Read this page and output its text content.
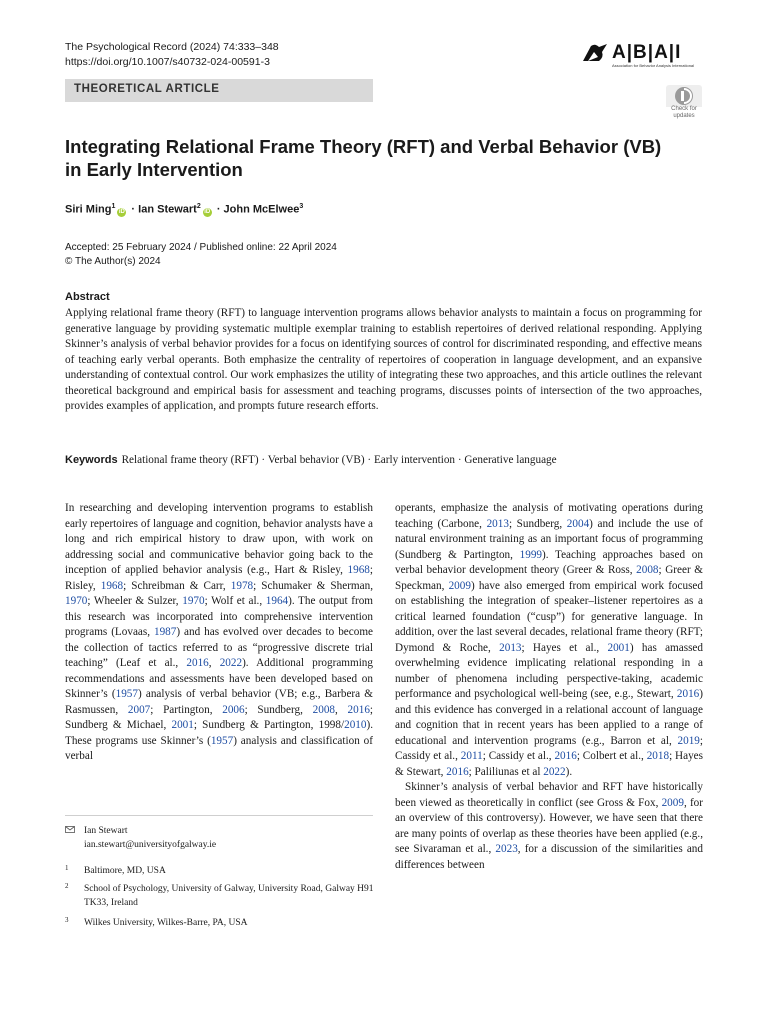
The Psychological Record (2024) 74:333–348
https://doi.org/10.1007/s40732-024-00591-3	A|B|A|I
Association for Behavior Analysis International
THEORETICAL ARTICLE
Check for
updates
Integrating Relational Frame Theory (RFT) and Verbal Behavior (VB)
in Early Intervention
Siri Ming$^1$iD · Ian Stewart$^2$iD · John McElwee$^3$
Accepted: 25 February 2024 / Published online: 22 April 2024
© The Author(s) 2024
Abstract

Applying relational frame theory (RFT) to language intervention programs allows behavior analysts to maintain a focus on programming for generative language by providing systematic multiple exemplar training to establish repertoires of derived relational responding. Applying Skinner’s analysis of verbal behavior provides for a focus on identifying sources of control for discriminated responding, and effective means of teaching early verbal operants. Both emphasize the centrality of repertoires of cooperation in language development, and an expansive understanding of contextual control. Our work emphasizes the utility of integrating these two approaches, and this article outlines the relevant theoretical background and empirical basis for assessment and teaching programs, discusses points of intersection of the two approaches, provides examples of application, and prompts future research efforts.

Keywords Relational frame theory (RFT) · Verbal behavior (VB) · Early intervention · Generative language

In researching and developing intervention programs to establish early repertoires of language and cognition, behavior analysts have a long and rich empirical history to draw upon, with work on addressing social and communicative behavior going back to the inception of applied behavior analysis (e.g., Hart & Risley, 1968; Risley, 1968; Schreibman & Carr, 1978; Schumaker & Sherman, 1970; Wheeler & Sulzer, 1970; Wolf et al., 1964). The output from this research was incorporated into comprehensive intervention programs (Lovaas, 1987) and has evolved over decades to become the collection of tactics referred to as “progressive discrete trial teaching” (Leaf et al., 2016, 2022). Additional programming recommendations and assessments have been developed based on Skinner’s (1957) analysis of verbal behavior (VB; e.g., Barbera & Rasmussen, 2007; Partington, 2006; Sundberg, 2008, 2016; Sundberg & Michael, 2001; Sundberg & Partington, 1998/2010). These programs use Skinner’s (1957) analysis and classification of verbal

operants, emphasize the analysis of motivating operations during teaching (Carbone, 2013; Sundberg, 2004) and include the use of natural environment training as an important focus of programming (Sundberg & Partington, 1999). Teaching approaches based on verbal behavior development theory (Greer & Ross, 2008; Greer & Speckman, 2009) have also emerged from empirical work focused on establishing the integration of speaker–listener repertoires as a critical learned foundation (“cusp”) for generative language. In addition, over the last several decades, relational frame theory (RFT; Dymond & Roche, 2013; Hayes et al., 2001) has amassed overwhelming evidence implicating relational responding in a number of phenomena including perspective-taking, academic performance and psychological well-being (see, e.g., Stewart, 2016) and this evidence has converged in a relational account of language and cognition that in recent years has been applied to a range of educational and intervention programs (e.g., Barron et al, 2019; Cassidy et al., 2011; Cassidy et al., 2016; Colbert et al., 2018; Hayes & Stewart, 2016; Paliliunas et al 2022).

Skinner’s analysis of verbal behavior and RFT have historically been viewed as theoretically in conflict (see Gross & Fox, 2009, for an overview of this controversy). However, we have seen that there are many points of overlap as these theories have been applied (e.g., see Sivaraman et al., 2023, for a discussion of the similarities and differences between

Ian Stewart
ian.stewart@universityofgalway.ie
1 Baltimore, MD, USA
2 School of Psychology, University of Galway, University Road, Galway H91 TK33, Ireland
3 Wilkes University, Wilkes-Barre, PA, USA
